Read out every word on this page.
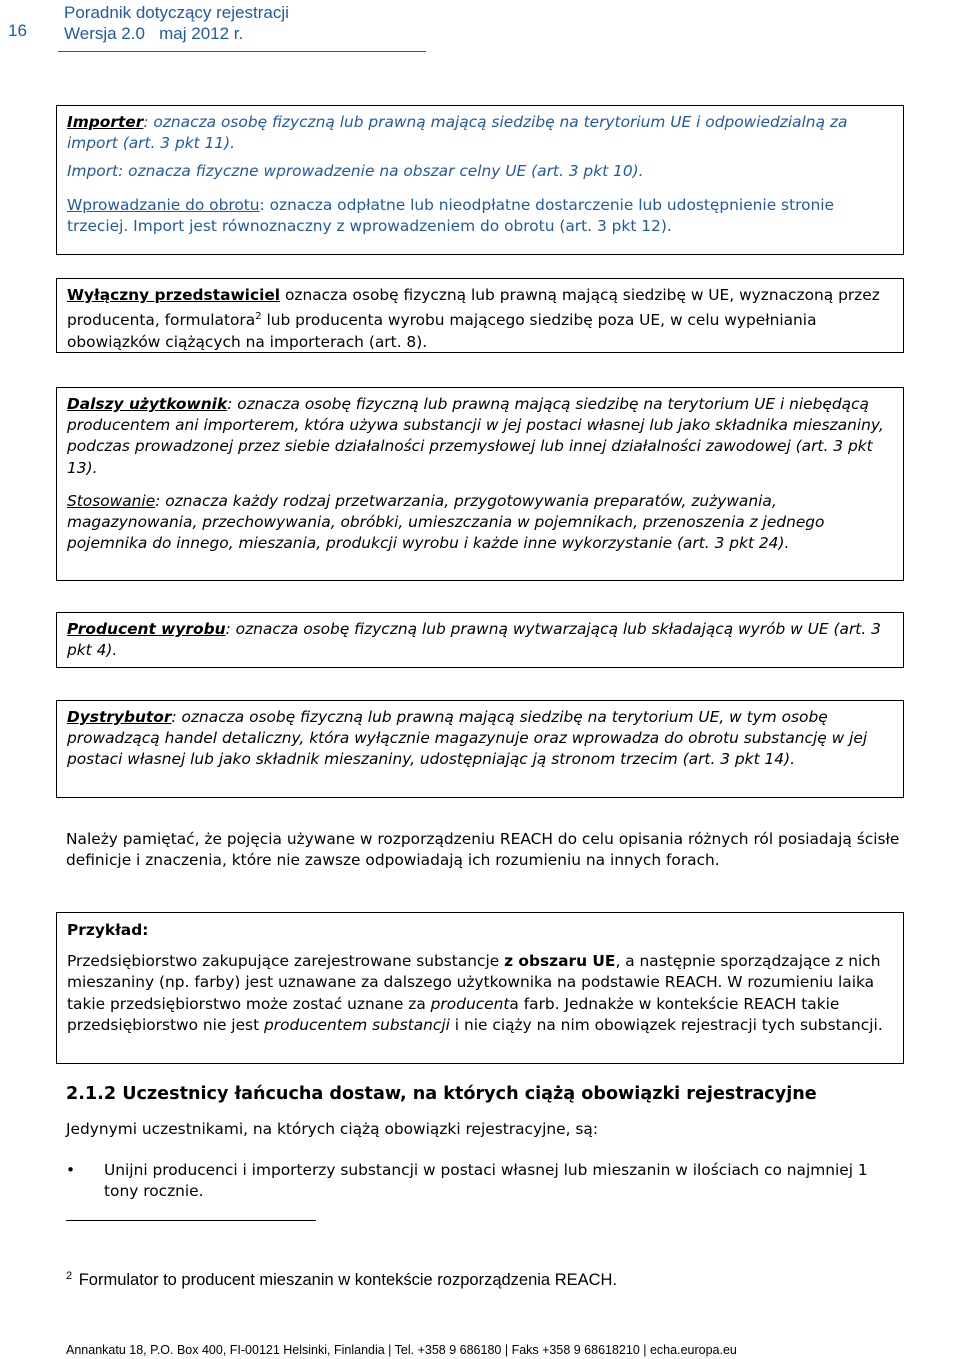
16
Poradnik dotyczący rejestracji
Wersja 2.0 maj 2012 r.

Importer: oznacza osobę fizyczną lub prawną mającą siedzibę na terytorium UE i odpowiedzialną za import (art. 3 pkt 11).

Import: oznacza fizyczne wprowadzenie na obszar celny UE (art. 3 pkt 10).

Wprowadzanie do obrotu: oznacza odpłatne lub nieodpłatne dostarczenie lub udostępnienie stronie trzeciej. Import jest równoznaczny z wprowadzeniem do obrotu (art. 3 pkt 12).

Wyłączny przedstawiciel oznacza osobę fizyczną lub prawną mającą siedzibę w UE, wyznaczoną przez producenta, formulatora$^2$ lub producenta wyrobu mającego siedzibę poza UE, w celu wypełniania obowiązków ciążących na importerach (art. 8).

Dalszy użytkownik: oznacza osobę fizyczną lub prawną mającą siedzibę na terytorium UE i niebędącą producentem ani importerem, która używa substancji w jej postaci własnej lub jako składnika mieszaniny, podczas prowadzonej przez siebie działalności przemysłowej lub innej działalności zawodowej (art. 3 pkt 13).

Stosowanie: oznacza każdy rodzaj przetwarzania, przygotowywania preparatów, zużywania, magazynowania, przechowywania, obróbki, umieszczania w pojemnikach, przenoszenia z jednego pojemnika do innego, mieszania, produkcji wyrobu i każde inne wykorzystanie (art. 3 pkt 24).

Producent wyrobu: oznacza osobę fizyczną lub prawną wytwarzającą lub składającą wyrób w UE (art. 3 pkt 4).

Dystrybutor: oznacza osobę fizyczną lub prawną mającą siedzibę na terytorium UE, w tym osobę prowadzącą handel detaliczny, która wyłącznie magazynuje oraz wprowadza do obrotu substancję w jej postaci własnej lub jako składnik mieszaniny, udostępniając ją stronom trzecim (art. 3 pkt 14).

Należy pamiętać, że pojęcia używane w rozporządzeniu REACH do celu opisania różnych ról posiadają ścisłe definicje i znaczenia, które nie zawsze odpowiadają ich rozumieniu na innych forach.

Przykład:

Przedsiębiorstwo zakupujące zarejestrowane substancje z obszaru UE, a następnie sporządzające z nich mieszaniny (np. farby) jest uznawane za dalszego użytkownika na podstawie REACH. W rozumieniu laika takie przedsiębiorstwo może zostać uznane za producenta farb. Jednakże w kontekście REACH takie przedsiębiorstwo nie jest producentem substancji i nie ciąży na nim obowiązek rejestracji tych substancji.

2.1.2 Uczestnicy łańcucha dostaw, na których ciążą obowiązki rejestracyjne

Jedynymi uczestnikami, na których ciążą obowiązki rejestracyjne, są:

• Unijni producenci i importerzy substancji w postaci własnej lub mieszanin w ilościach co najmniej 1 tony rocznie.
$^2$ Formulator to producent mieszanin w kontekście rozporządzenia REACH.
Annankatu 18, P.O. Box 400, FI-00121 Helsinki, Finlandia | Tel. +358 9 686180 | Faks +358 9 68618210 | echa.europa.eu
